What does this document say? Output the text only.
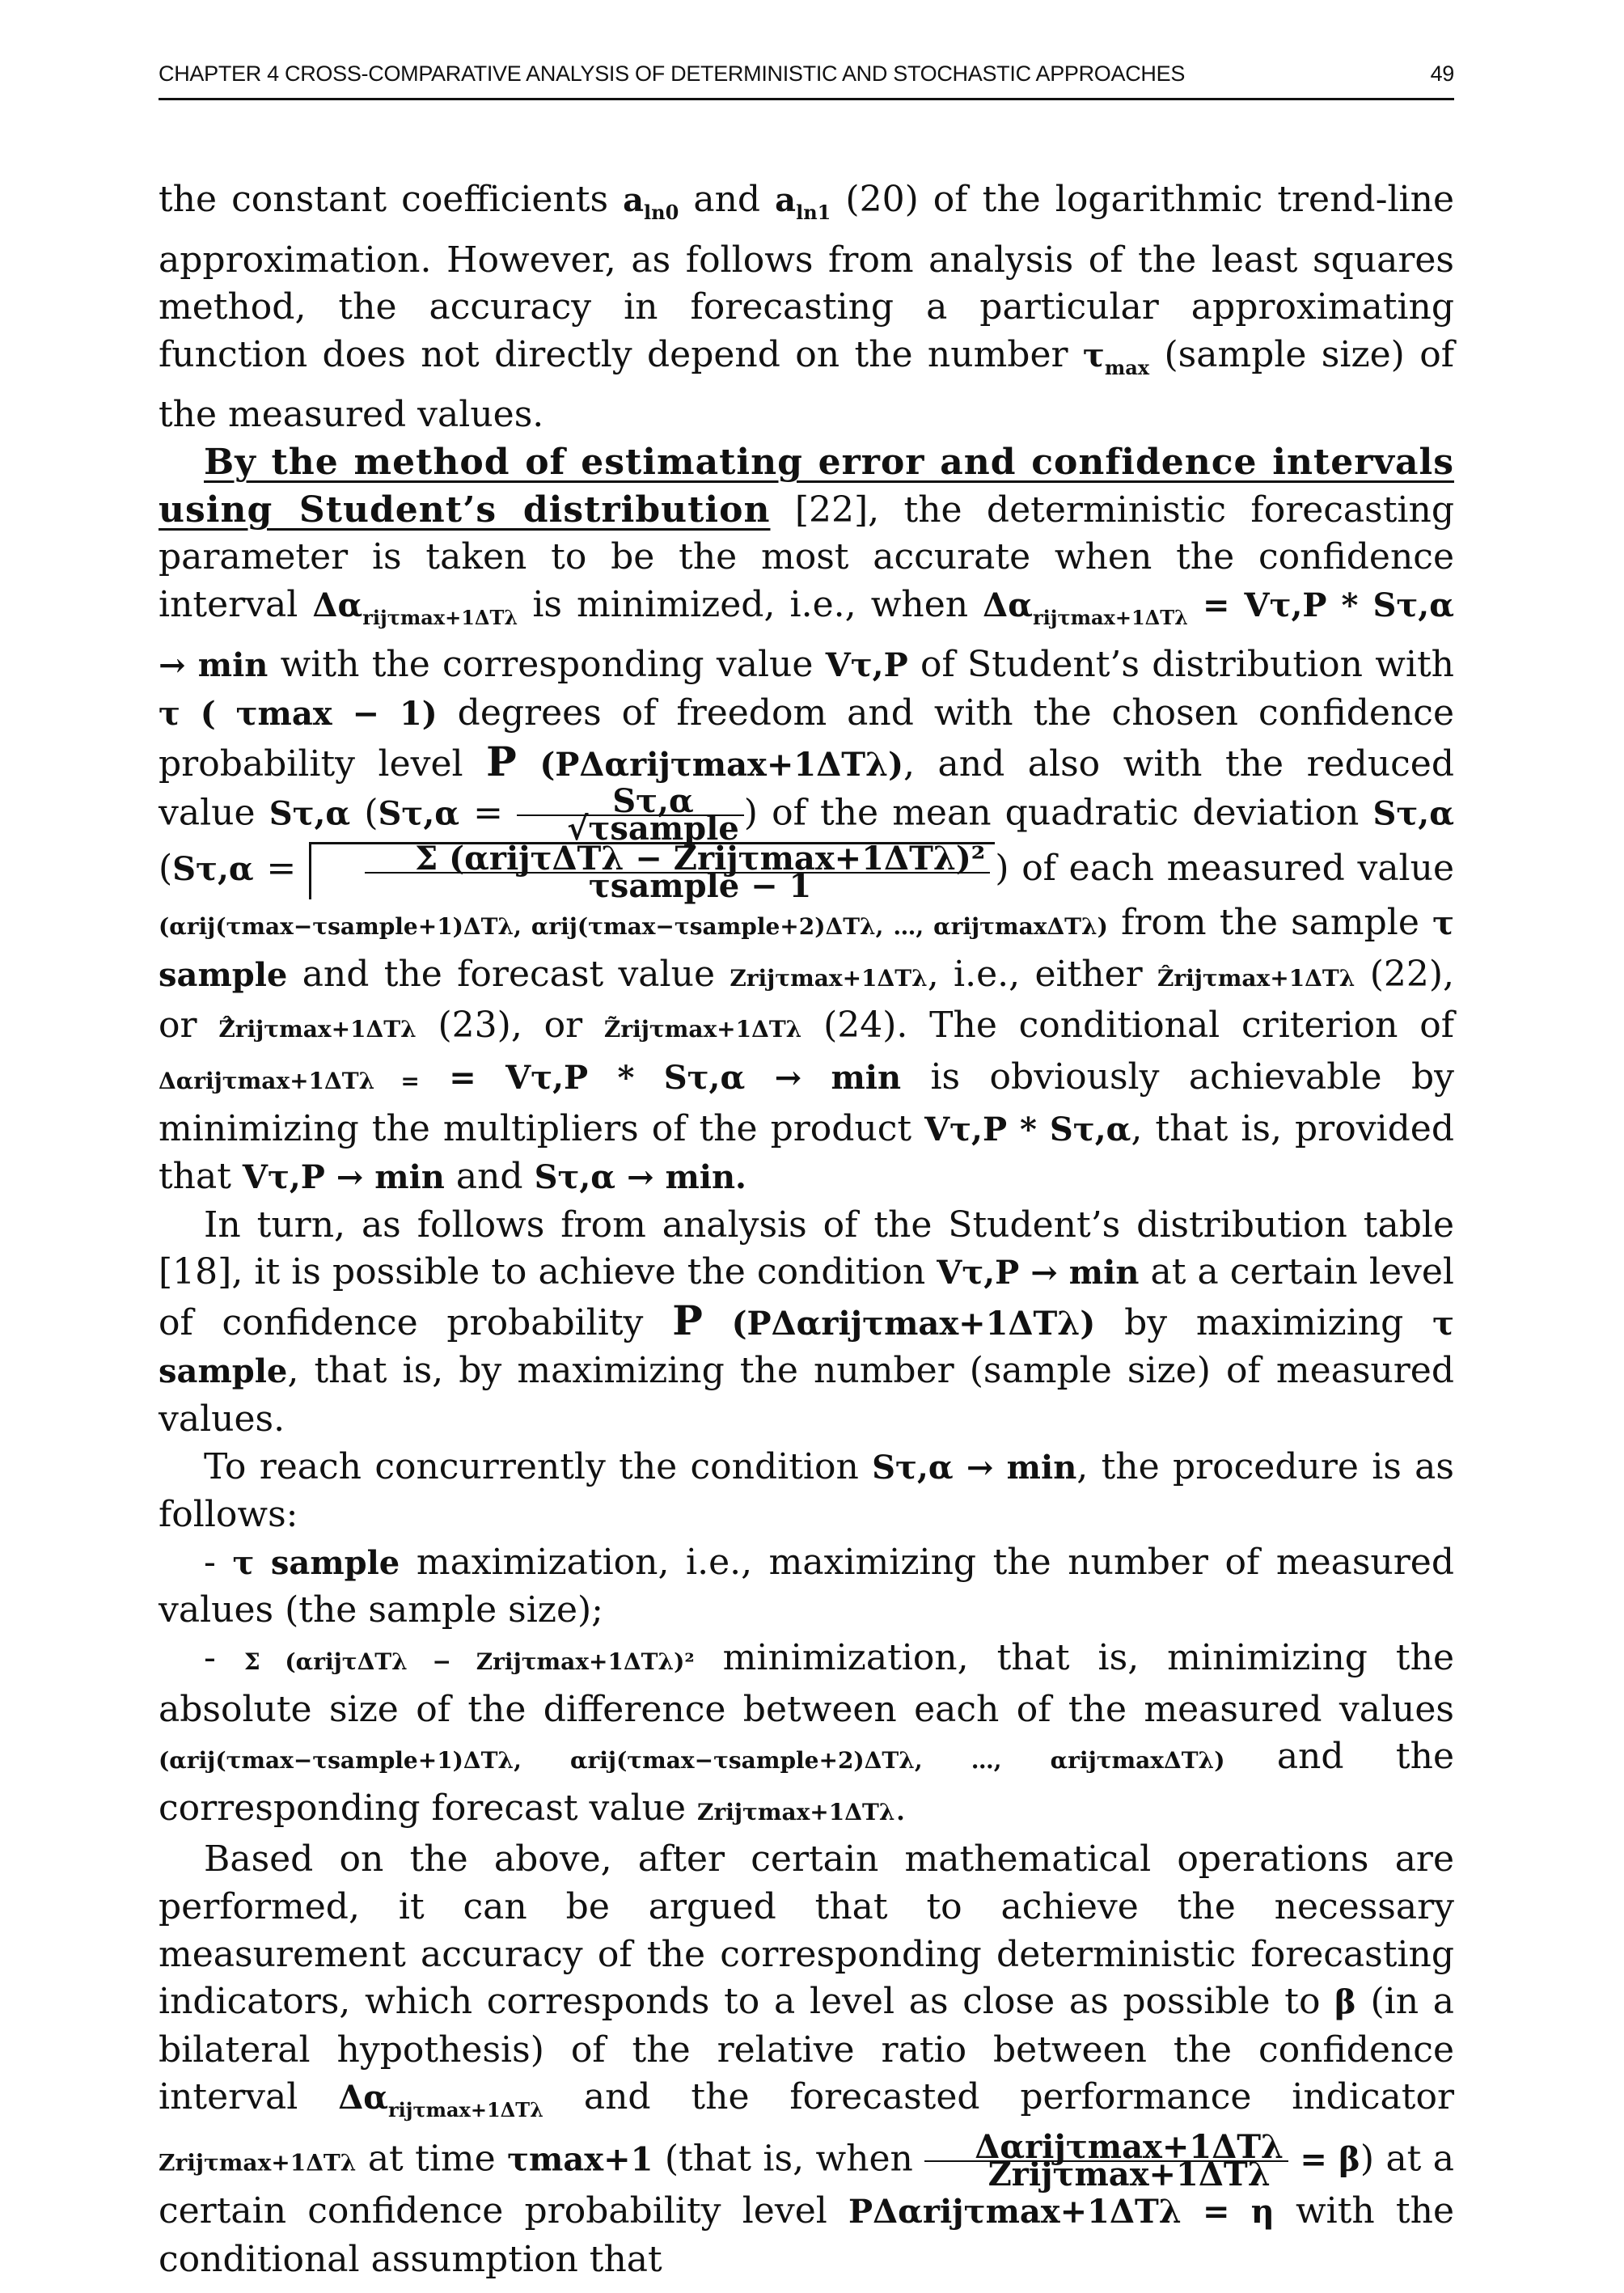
CHAPTER 4 CROSS-COMPARATIVE ANALYSIS OF DETERMINISTIC AND STOCHASTIC APPROACHES	49

the constant coefficients $a_{ln0}$ and $a_{ln1}$ (20) of the logarithmic trend-line approximation. However, as follows from analysis of the least squares method, the accuracy in forecasting a particular approximating function does not directly depend on the number $\tau_{max}$ (sample size) of the measured values.

By the method of estimating error and confidence intervals using Student’s distribution [22], the deterministic forecasting parameter is taken to be the most accurate when the confidence interval $\Delta\alpha_{rij\tau max+1\Delta T\lambda}$ is minimized, i.e., when $\Delta\alpha_{rij\tau max+1\Delta T\lambda} = V\tau,P * S\tau,\alpha \to \min$ with the corresponding value Vτ,P of Student’s distribution with τ ( τmax − 1) degrees of freedom and with the chosen confidence probability level P (PΔαrijτmax+1ΔTλ), and also with the reduced value Sτ,α ($S\tau,\alpha = \frac{S\tau,\alpha}{\text{√τsample}}$ ) of the mean quadratic deviation Sτ,α ($S\tau,\alpha = \frac{\text{Σ (αrijτΔTλ − Zrijτmax+1ΔTλ)²}}{\text{τsample − 1}}$ ) of each measured value (αrij(τmax−τsample+1)ΔTλ, αrij(τmax−τsample+2)ΔTλ, …, αrijτmaxΔTλ) from the sample τ sample and the forecast value Zrijτmax+1ΔTλ, i.e., either Ẑrijτmax+1ΔTλ (22), or Ẑ̂rijτmax+1ΔTλ (23), or Z̃rijτmax+1ΔTλ (24). The conditional criterion of Δαrijτmax+1ΔTλ = = Vτ,P * Sτ,α → min is obviously achievable by minimizing the multipliers of the product Vτ,P * Sτ,α, that is, provided that Vτ,P → min and Sτ,α → min.

In turn, as follows from analysis of the Student’s distribution table [18], it is possible to achieve the condition Vτ,P → min at a certain level of confidence probability P (PΔαrijτmax+1ΔTλ) by maximizing τ sample, that is, by maximizing the number (sample size) of measured values.

To reach concurrently the condition Sτ,α → min, the procedure is as follows:

- τ sample maximization, i.e., maximizing the number of measured values (the sample size);

- Σ (αrijτΔTλ − Zrijτmax+1ΔTλ)² minimization, that is, minimizing the absolute size of the difference between each of the measured values (αrij(τmax−τsample+1)ΔTλ, αrij(τmax−τsample+2)ΔTλ, …, αrijτmaxΔTλ) and the corresponding forecast value Zrijτmax+1ΔTλ.

Based on the above, after certain mathematical operations are performed, it can be argued that to achieve the necessary measurement accuracy of the corresponding deterministic forecasting indicators, which corresponds to a level as close as possible to β (in a bilateral hypothesis) of the relative ratio between the confidence interval $\Delta\alpha_{rij\tau max+1\Delta T\lambda}$ and the forecasted performance indicator Zrijτmax+1ΔTλ at time τmax+1 (that is, when $\frac{\text{Δαrijτmax+1ΔTλ}}{\text{Zrijτmax+1ΔTλ}} = \beta$) at a certain confidence probability level PΔαrijτmax+1ΔTλ = η with the conditional assumption that
